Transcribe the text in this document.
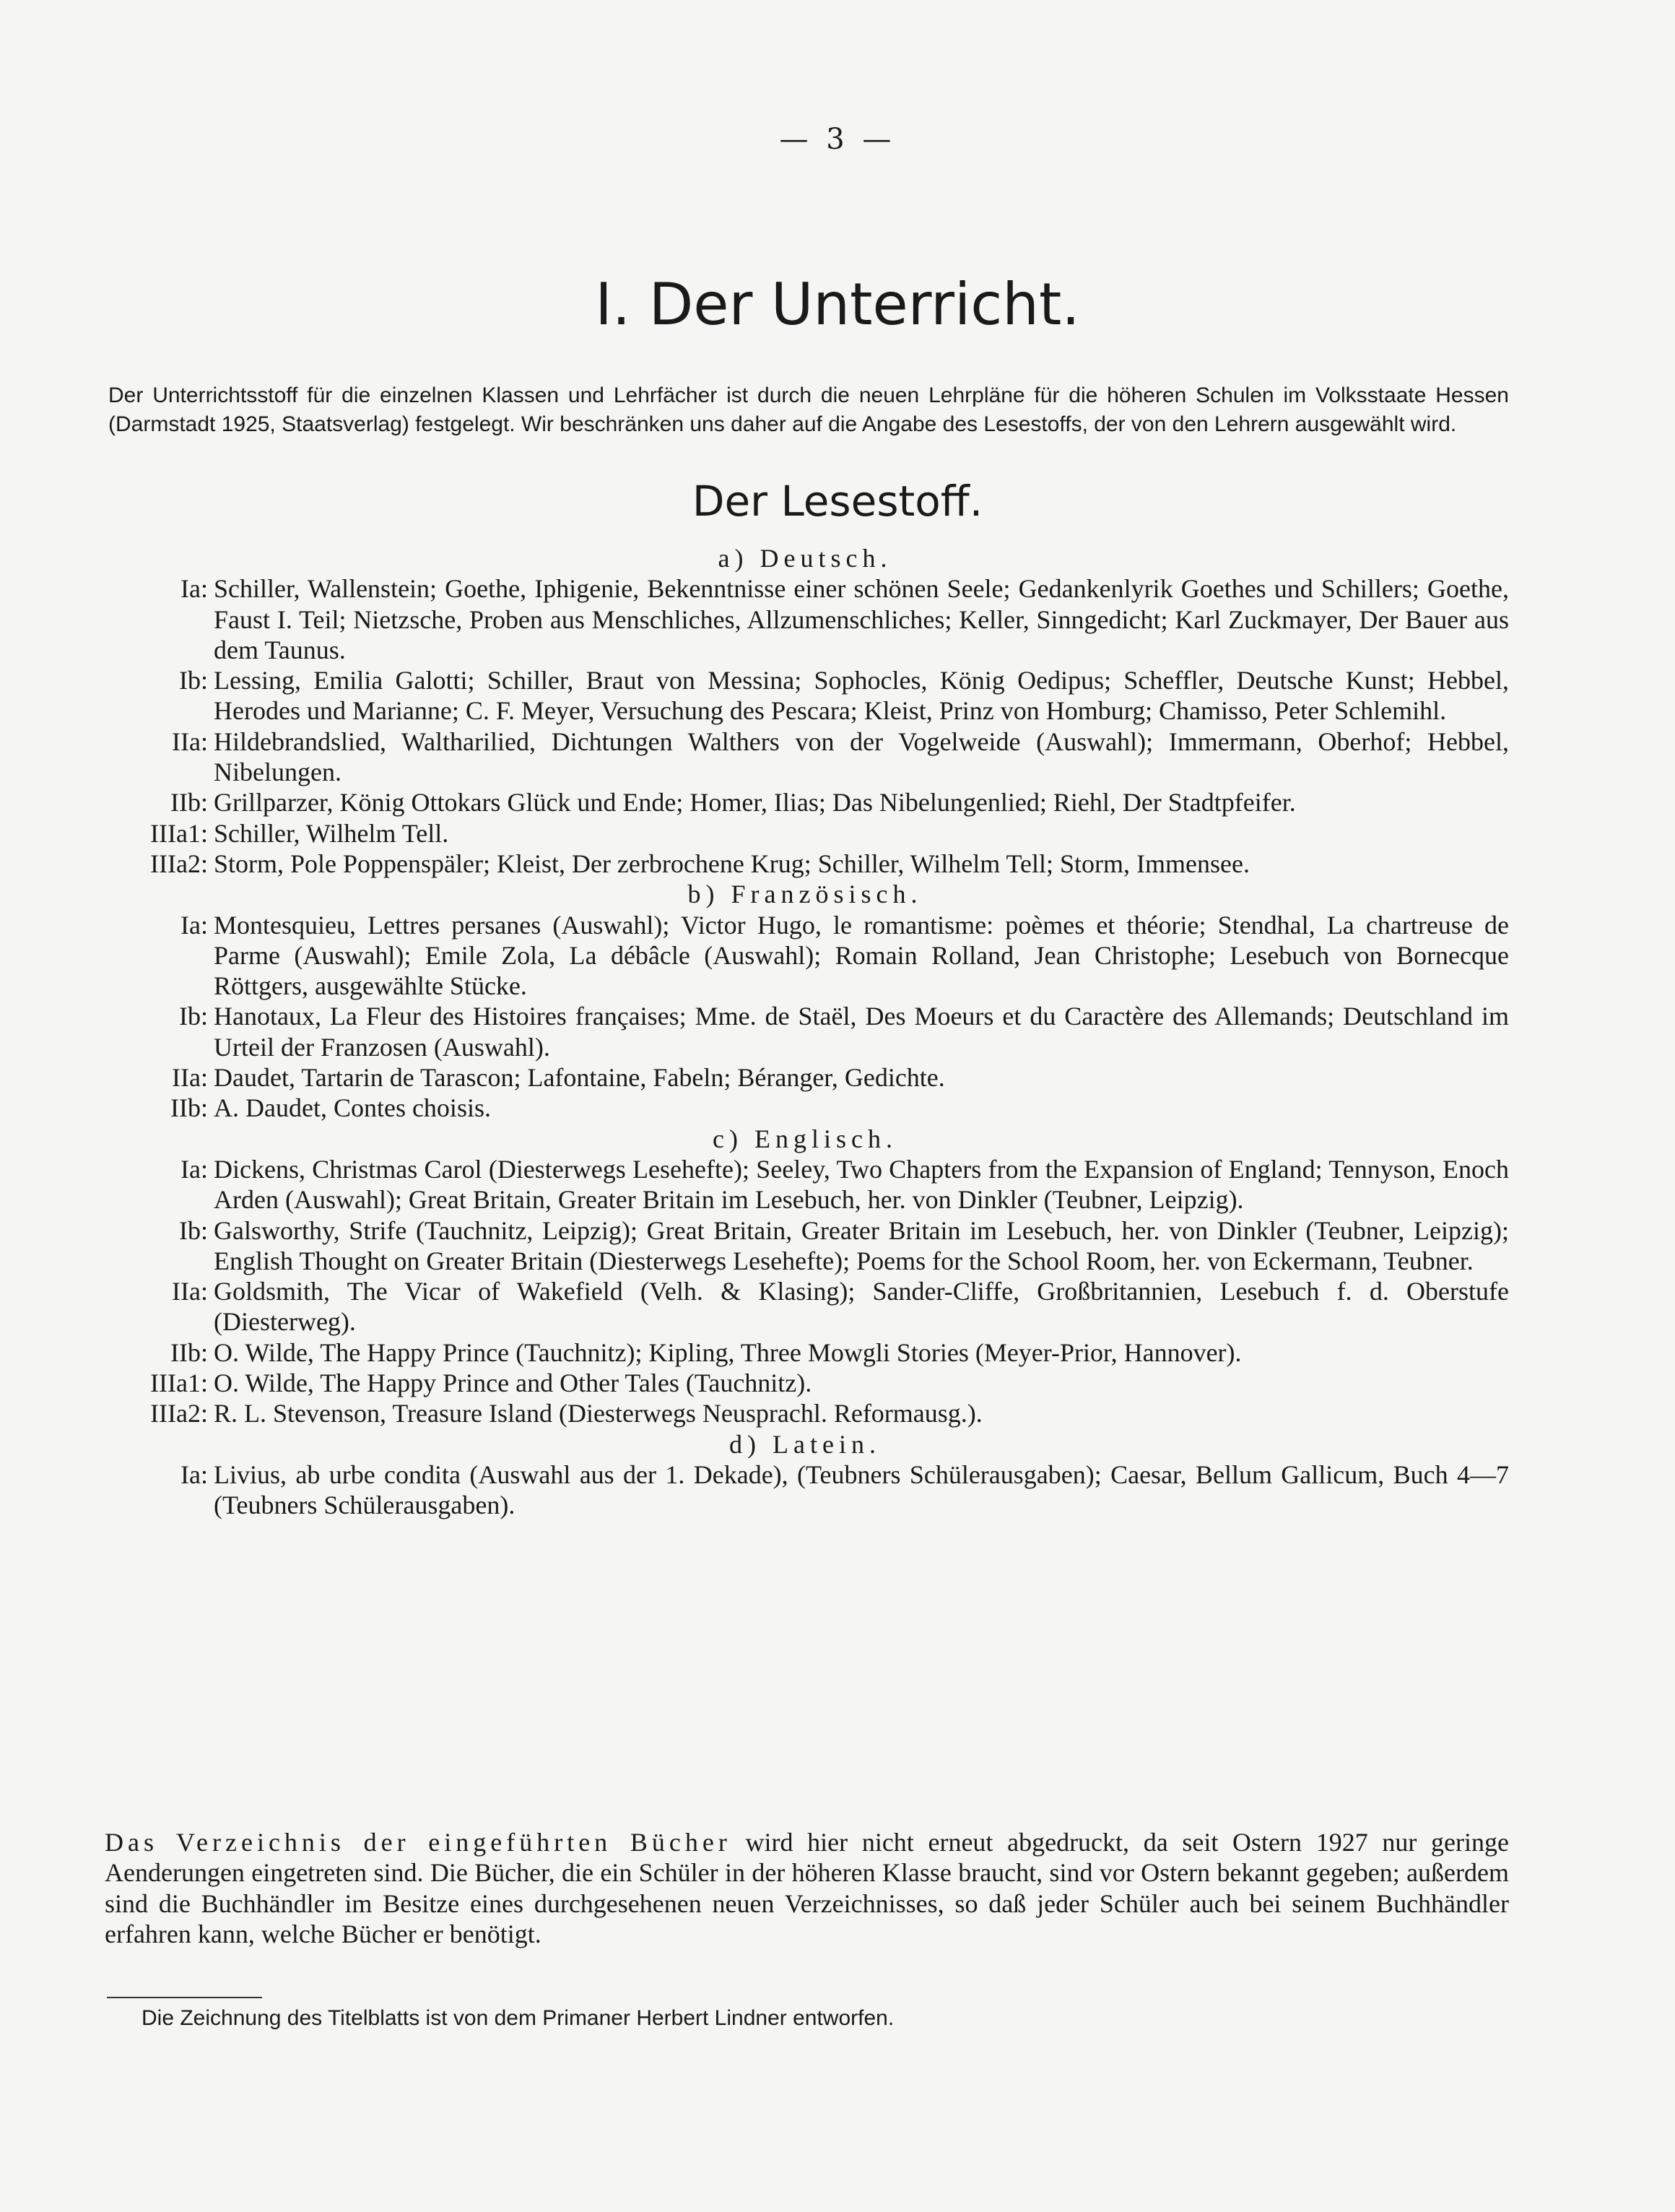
— 3 —
I. Der Unterricht.
Der Unterrichtsstoff für die einzelnen Klassen und Lehrfächer ist durch die neuen Lehrpläne für die höheren Schulen im Volksstaate Hessen (Darmstadt 1925, Staatsverlag) festgelegt. Wir beschränken uns daher auf die Angabe des Lesestoffs, der von den Lehrern ausgewählt wird.
Der Lesestoff.
a) Deutsch.
Ia: Schiller, Wallenstein; Goethe, Iphigenie, Bekenntnisse einer schönen Seele; Gedankenlyrik Goethes und Schillers; Goethe, Faust I. Teil; Nietzsche, Proben aus Menschliches, Allzumenschliches; Keller, Sinngedicht; Karl Zuckmayer, Der Bauer aus dem Taunus.
Ib: Lessing, Emilia Galotti; Schiller, Braut von Messina; Sophocles, König Oedipus; Scheffler, Deutsche Kunst; Hebbel, Herodes und Marianne; C. F. Meyer, Versuchung des Pescara; Kleist, Prinz von Homburg; Chamisso, Peter Schlemihl.
IIa: Hildebrandslied, Waltharilied, Dichtungen Walthers von der Vogelweide (Auswahl); Immermann, Oberhof; Hebbel, Nibelungen.
IIb: Grillparzer, König Ottokars Glück und Ende; Homer, Ilias; Das Nibelungenlied; Riehl, Der Stadtpfeifer.
IIIa1: Schiller, Wilhelm Tell.
IIIa2: Storm, Pole Poppenspäler; Kleist, Der zerbrochene Krug; Schiller, Wilhelm Tell; Storm, Immensee.
b) Französisch.
Ia: Montesquieu, Lettres persanes (Auswahl); Victor Hugo, le romantisme: poèmes et théorie; Stendhal, La chartreuse de Parme (Auswahl); Emile Zola, La débâcle (Auswahl); Romain Rolland, Jean Christophe; Lesebuch von Bornecque Röttgers, ausgewählte Stücke.
Ib: Hanotaux, La Fleur des Histoires françaises; Mme. de Staël, Des Moeurs et du Caractère des Allemands; Deutschland im Urteil der Franzosen (Auswahl).
IIa: Daudet, Tartarin de Tarascon; Lafontaine, Fabeln; Béranger, Gedichte.
IIb: A. Daudet, Contes choisis.
c) Englisch.
Ia: Dickens, Christmas Carol (Diesterwegs Lesehefte); Seeley, Two Chapters from the Expansion of England; Tennyson, Enoch Arden (Auswahl); Great Britain, Greater Britain im Lesebuch, her. von Dinkler (Teubner, Leipzig).
Ib: Galsworthy, Strife (Tauchnitz, Leipzig); Great Britain, Greater Britain im Lesebuch, her. von Dinkler (Teubner, Leipzig); English Thought on Greater Britain (Diesterwegs Lesehefte); Poems for the School Room, her. von Eckermann, Teubner.
IIa: Goldsmith, The Vicar of Wakefield (Velh. & Klasing); Sander-Cliffe, Großbritannien, Lesebuch f. d. Oberstufe (Diesterweg).
IIb: O. Wilde, The Happy Prince (Tauchnitz); Kipling, Three Mowgli Stories (Meyer-Prior, Hannover).
IIIa1: O. Wilde, The Happy Prince and Other Tales (Tauchnitz).
IIIa2: R. L. Stevenson, Treasure Island (Diesterwegs Neusprachl. Reformausg.).
d) Latein.
Ia: Livius, ab urbe condita (Auswahl aus der 1. Dekade), (Teubners Schülerausgaben); Caesar, Bellum Gallicum, Buch 4—7 (Teubners Schülerausgaben).
Das Verzeichnis der eingeführten Bücher wird hier nicht erneut abgedruckt, da seit Ostern 1927 nur geringe Aenderungen eingetreten sind. Die Bücher, die ein Schüler in der höheren Klasse braucht, sind vor Ostern bekannt gegeben; außerdem sind die Buchhändler im Besitze eines durchgesehenen neuen Verzeichnisses, so daß jeder Schüler auch bei seinem Buchhändler erfahren kann, welche Bücher er benötigt.
Die Zeichnung des Titelblatts ist von dem Primaner Herbert Lindner entworfen.
